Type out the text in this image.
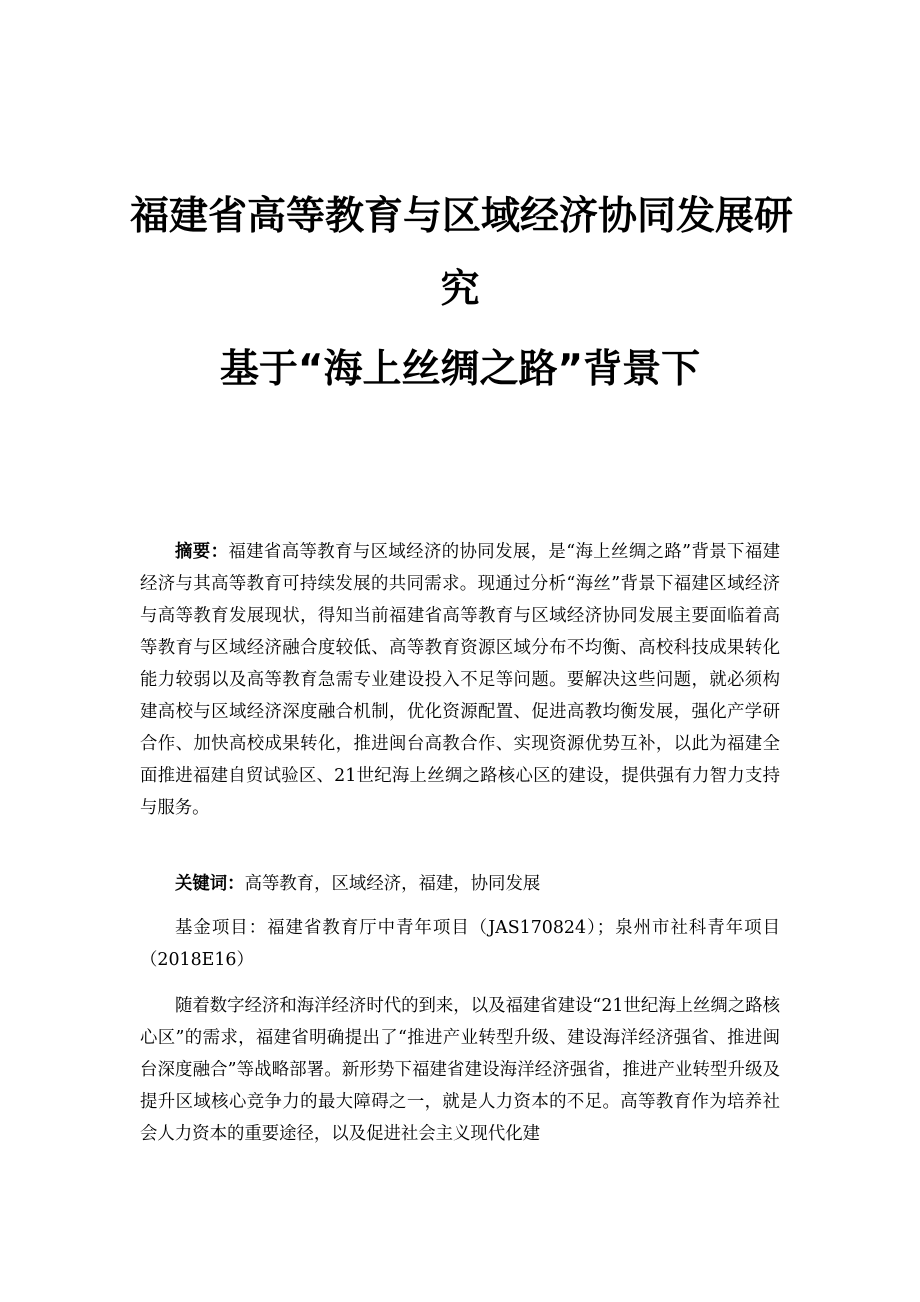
福建省高等教育与区域经济协同发展研
究
基于“海上丝绸之路”背景下

摘要：福建省高等教育与区域经济的协同发展，是“海上丝绸之路”背景下福建经济与其高等教育可持续发展的共同需求。现通过分析“海丝”背景下福建区域经济与高等教育发展现状，得知当前福建省高等教育与区域经济协同发展主要面临着高等教育与区域经济融合度较低、高等教育资源区域分布不均衡、高校科技成果转化能力较弱以及高等教育急需专业建设投入不足等问题。要解决这些问题，就必须构建高校与区域经济深度融合机制，优化资源配置、促进高教均衡发展，强化产学研合作、加快高校成果转化，推进闽台高教合作、实现资源优势互补，以此为福建全面推进福建自贸试验区、21世纪海上丝绸之路核心区的建设，提供强有力智力支持与服务。

关键词：高等教育，区域经济，福建，协同发展

基金项目：福建省教育厅中青年项目（JAS170824）；泉州市社科青年项目（2018E16）

随着数字经济和海洋经济时代的到来，以及福建省建设“21世纪海上丝绸之路核心区”的需求，福建省明确提出了“推进产业转型升级、建设海洋经济强省、推进闽台深度融合”等战略部署。新形势下福建省建设海洋经济强省，推进产业转型升级及提升区域核心竞争力的最大障碍之一，就是人力资本的不足。高等教育作为培养社会人力资本的重要途径，以及促进社会主义现代化建
